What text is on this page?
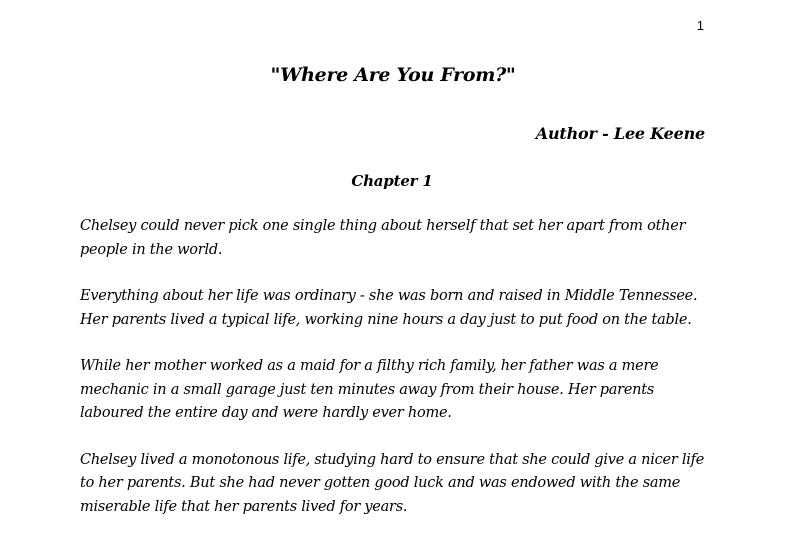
1
"Where Are You From?"
Author - Lee Keene
Chapter 1

Chelsey could never pick one single thing about herself that set her apart from other
people in the world.

Everything about her life was ordinary - she was born and raised in Middle Tennessee.
Her parents lived a typical life, working nine hours a day just to put food on the table.

While her mother worked as a maid for a filthy rich family, her father was a mere
mechanic in a small garage just ten minutes away from their house. Her parents
laboured the entire day and were hardly ever home.

Chelsey lived a monotonous life, studying hard to ensure that she could give a nicer life
to her parents. But she had never gotten good luck and was endowed with the same
miserable life that her parents lived for years.
